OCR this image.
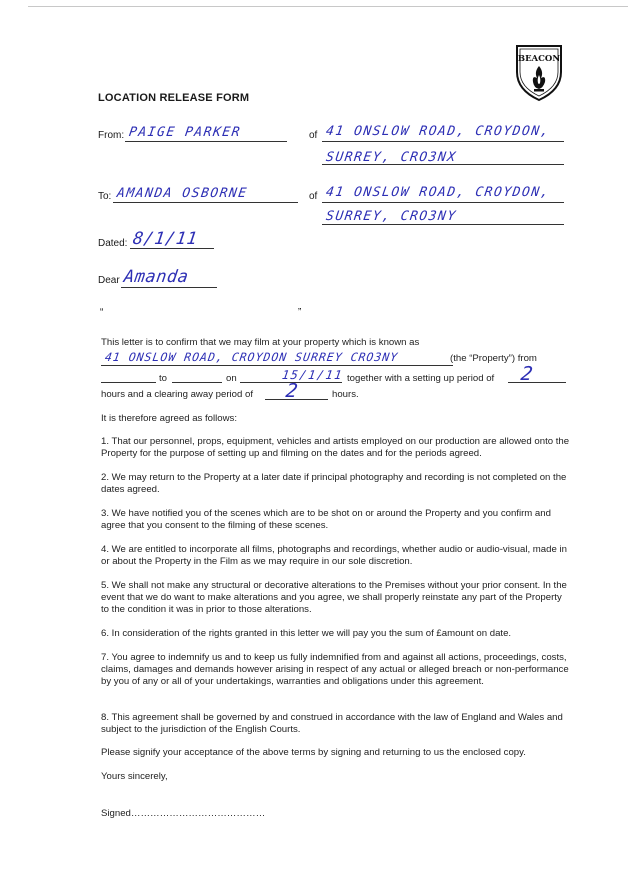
BEACON
LOCATION RELEASE FORM
From: PAIGE PARKER	of 41 ONSLOW ROAD, CROYDON,
SURREY, CRO3NX
To: AMANDA OSBORNE	of 41 ONSLOW ROAD, CROYDON,
SURREY, CRO3NY
Dated: 8/1/11
Dear Amanda
“	”
This letter is to confirm that we may film at your property which is known as
41 ONSLOW ROAD, CROYDON SURREY CRO3NY	(the “Property”) from
to	on	15/1/11 together with a setting up period of 2
hours and a clearing away period of 2	hours.
It is therefore agreed as follows:
1. That our personnel, props, equipment, vehicles and artists employed on our production are allowed onto the Property for the purpose of setting up and filming on the dates and for the periods agreed.
2. We may return to the Property at a later date if principal photography and recording is not completed on the dates agreed.
3. We have notified you of the scenes which are to be shot on or around the Property and you confirm and agree that you consent to the filming of these scenes.
4. We are entitled to incorporate all films, photographs and recordings, whether audio or audio-visual, made in or about the Property in the Film as we may require in our sole discretion.
5. We shall not make any structural or decorative alterations to the Premises without your prior consent. In the event that we do want to make alterations and you agree, we shall properly reinstate any part of the Property to the condition it was in prior to those alterations.
6. In consideration of the rights granted in this letter we will pay you the sum of £amount on date.
7. You agree to indemnify us and to keep us fully indemnified from and against all actions, proceedings, costs, claims, damages and demands however arising in respect of any actual or alleged breach or non-performance by you of any or all of your undertakings, warranties and obligations under this agreement.
8. This agreement shall be governed by and construed in accordance with the law of England and Wales and subject to the jurisdiction of the English Courts.
Please signify your acceptance of the above terms by signing and returning to us the enclosed copy.
Yours sincerely,
Signed……………………………………
